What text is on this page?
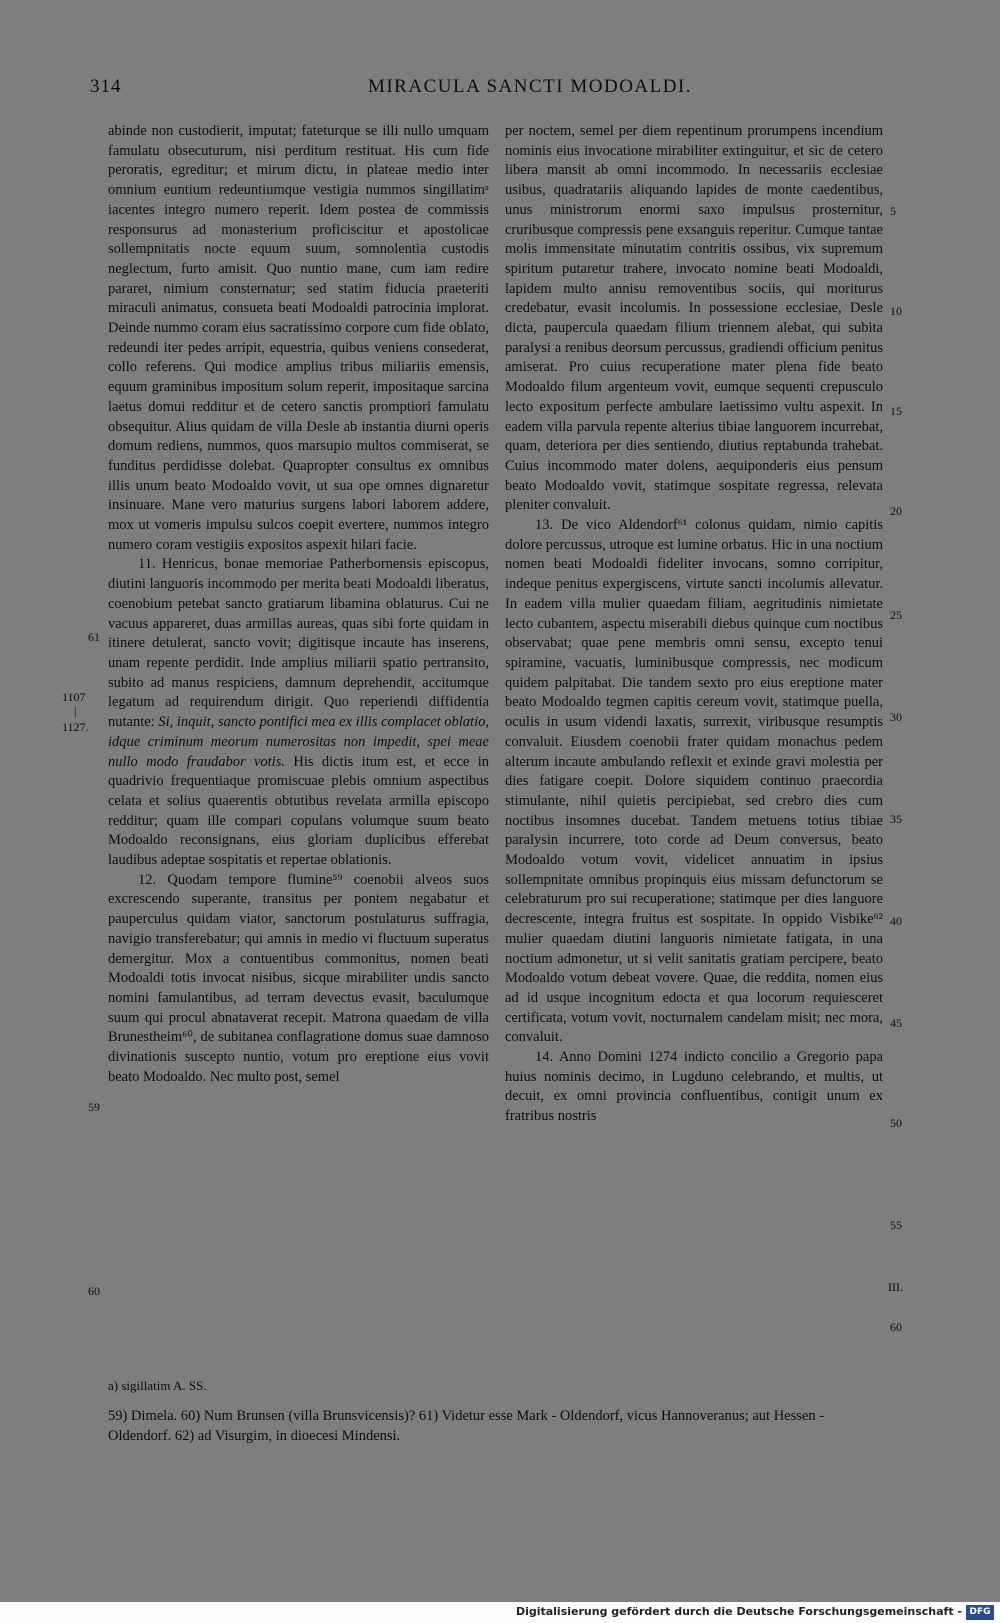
314	MIRACULA SANCTI MODOALDI.

abinde non custodierit, imputat; fateturque se illi nullo umquam famulatu obsecuturum, nisi perditum restituat. His cum fide peroratis, egreditur; et mirum dictu, in plateae medio inter omnium euntium redeuntiumque vestigia nummos singillatimᵃ iacentes integro numero reperit. Idem postea de commissis responsurus ad monasterium proficiscitur et apostolicae sollempnitatis nocte equum suum, somnolentia custodis neglectum, furto amisit. Quo nuntio mane, cum iam redire pararet, nimium consternatur; sed statim fiducia praeteriti miraculi animatus, consueta beati Modoaldi patrocinia implorat. Deinde nummo coram eius sacratissimo corpore cum fide oblato, redeundi iter pedes arripit, equestria, quibus veniens consederat, collo referens. Qui modice amplius tribus miliariis emensis, equum graminibus impositum solum reperit, impositaque sarcina laetus domui redditur et de cetero sanctis promptiori famulatu obsequitur. Alius quidam de villa Desle ab instantia diurni operis domum rediens, nummos, quos marsupio multos commiserat, se funditus perdidisse dolebat. Quapropter consultus ex omnibus illis unum beato Modoaldo vovit, ut sua ope omnes dignaretur insinuare. Mane vero maturius surgens labori laborem addere, mox ut vomeris impulsu sulcos coepit evertere, nummos integro numero coram vestigiis expositos aspexit hilari facie.

11. Henricus, bonae memoriae Patherbornensis episcopus, diutini languoris incommodo per merita beati Modoaldi liberatus, coenobium petebat sancto gratiarum libamina oblaturus. Cui ne vacuus appareret, duas armillas aureas, quas sibi forte quidam in itinere detulerat, sancto vovit; digitisque incaute has inserens, unam repente perdidit. Inde amplius miliarii spatio pertransito, subito ad manus respiciens, damnum deprehendit, accitumque legatum ad requirendum dirigit. Quo reperiendi diffidentia nutante: Si, inquit, sancto pontifici mea ex illis complacet oblatio, idque criminum meorum numerositas non impedit, spei meae nullo modo fraudabor votis. His dictis itum est, et ecce in quadrivio frequentiaque promiscuae plebis omnium aspectibus celata et solius quaerentis obtutibus revelata armilla episcopo redditur; quam ille compari copulans volumque suum beato Modoaldo reconsignans, eius gloriam duplicibus efferebat laudibus adeptae sospitatis et repertae oblationis.

12. Quodam tempore flumine⁵⁹ coenobii alveos suos excrescendo superante, transitus per pontem negabatur et pauperculus quidam viator, sanctorum postulaturus suffragia, navigio transferebatur; qui amnis in medio vi fluctuum superatus demergitur. Mox a contuentibus commonitus, nomen beati Modoaldi totis invocat nisibus, sicque mirabiliter undis sancto nomini famulantibus, ad terram devectus evasit, baculumque suum qui procul abnataverat recepit. Matrona quaedam de villa Brunestheim⁶⁰, de subitanea conflagratione domus suae damnoso divinationis suscepto nuntio, votum pro ereptione eius vovit beato Modoaldo. Nec multo post, semel

per noctem, semel per diem repentinum prorumpens incendium nominis eius invocatione mirabiliter extinguitur, et sic de cetero libera mansit ab omni incommodo. In necessariis ecclesiae usibus, quadratariis aliquando lapides de monte caedentibus, unus ministrorum enormi saxo impulsus prosternitur, cruribusque compressis pene exsanguis reperitur. Cumque tantae molis immensitate minutatim contritis ossibus, vix supremum spiritum putaretur trahere, invocato nomine beati Modoaldi, lapidem multo annisu removentibus sociis, qui moriturus credebatur, evasit incolumis. In possessione ecclesiae, Desle dicta, paupercula quaedam filium triennem alebat, qui subita paralysi a renibus deorsum percussus, gradiendi officium penitus amiserat. Pro cuius recuperatione mater plena fide beato Modoaldo filum argenteum vovit, eumque sequenti crepusculo lecto expositum perfecte ambulare laetissimo vultu aspexit. In eadem villa parvula repente alterius tibiae languorem incurrebat, quam, deteriora per dies sentiendo, diutius reptabunda trahebat. Cuius incommodo mater dolens, aequiponderis eius pensum beato Modoaldo vovit, statimque sospitate regressa, relevata pleniter convaluit.

13. De vico Aldendorf⁶¹ colonus quidam, nimio capitis dolore percussus, utroque est lumine orbatus. Hic in una noctium nomen beati Modoaldi fideliter invocans, somno corripitur, indeque penitus expergiscens, virtute sancti incolumis allevatur. In eadem villa mulier quaedam filiam, aegritudinis nimietate lecto cubantem, aspectu miserabili diebus quinque cum noctibus observabat; quae pene membris omni sensu, excepto tenui spiramine, vacuatis, luminibusque compressis, nec modicum quidem palpitabat. Die tandem sexto pro eius ereptione mater beato Modoaldo tegmen capitis cereum vovit, statimque puella, oculis in usum videndi laxatis, surrexit, viribusque resumptis convaluit. Eiusdem coenobii frater quidam monachus pedem alterum incaute ambulando reflexit et exinde gravi molestia per dies fatigare coepit. Dolore siquidem continuo praecordia stimulante, nihil quietis percipiebat, sed crebro dies cum noctibus insomnes ducebat. Tandem metuens totius tibiae paralysin incurrere, toto corde ad Deum conversus, beato Modoaldo votum vovit, videlicet annuatim in ipsius sollempnitate omnibus propinquis eius missam defunctorum se celebraturum pro sui recuperatione; statimque per dies languore decrescente, integra fruitus est sospitate. In oppido Visbike⁶² mulier quaedam diutini languoris nimietate fatigata, in una noctium admonetur, ut si velit sanitatis gratiam percipere, beato Modoaldo votum debeat vovere. Quae, die reddita, nomen eius ad id usque incognitum edocta et qua locorum requiesceret certificata, votum vovit, nocturnalem candelam misit; nec mora, convaluit.

14. Anno Domini 1274 indicto concilio a Gregorio papa huius nominis decimo, in Lugduno celebrando, et multis, ut decuit, ex omni provincia confluentibus, contigit unum ex fratribus nostris

61
1107
|
1127.
59
60
5
10
15
20
25
30
35
40
45
50
55
III.
60
a) sigillatim A. SS.
59) Dimela. 60) Num Brunsen (villa Brunsvicensis)? 61) Videtur esse Mark - Oldendorf, vicus Hannoveranus; aut Hessen - Oldendorf. 62) ad Visurgim, in dioecesi Mindensi.
Digitalisierung gefördert durch die Deutsche Forschungsgemeinschaft - DFG
